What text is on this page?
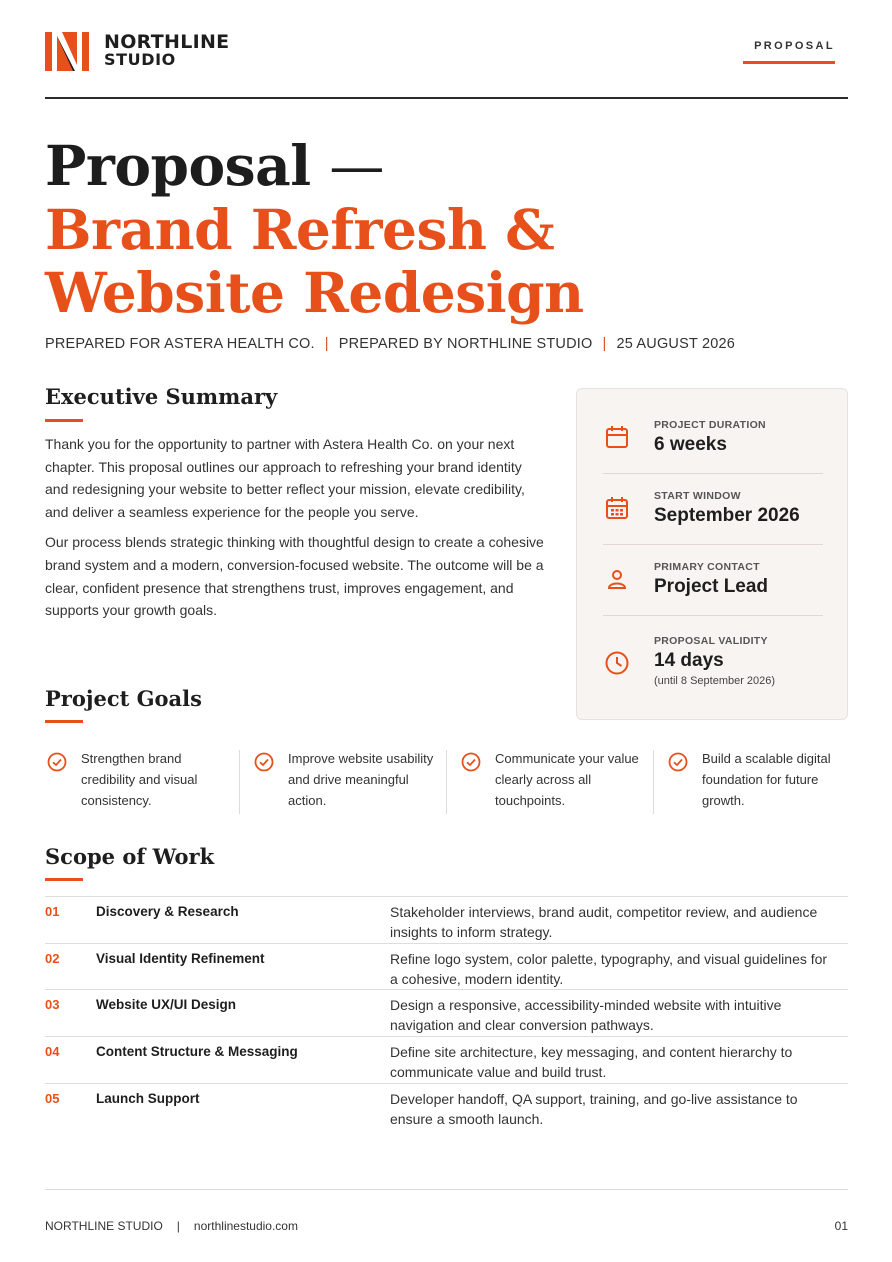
NORTHLINE
STUDIO
PROPOSAL
Proposal —
Brand Refresh &
Website Redesign
PREPARED FOR ASTERA HEALTH CO. | PREPARED BY NORTHLINE STUDIO | 25 AUGUST 2026
Executive Summary

Thank you for the opportunity to partner with Astera Health Co. on your next chapter. This proposal outlines our approach to refreshing your brand identity and redesigning your website to better reflect your mission, elevate credibility, and deliver a seamless experience for the people you serve.

Our process blends strategic thinking with thoughtful design to create a cohesive brand system and a modern, conversion-focused website. The outcome will be a clear, confident presence that strengthens trust, improves engagement, and supports your growth goals.

PROJECT DURATION
6 weeks
START WINDOW
September 2026
PRIMARY CONTACT
Project Lead
PROPOSAL VALIDITY
14 days
(until 8 September 2026)
Project Goals
Strengthen brand credibility and visual consistency.
Improve website usability and drive meaningful action.
Communicate your value clearly across all touchpoints.
Build a scalable digital foundation for future growth.
Scope of Work
01	Discovery & Research	Stakeholder interviews, brand audit, competitor review, and audience insights to inform strategy.
02	Visual Identity Refinement	Refine logo system, color palette, typography, and visual guidelines for a cohesive, modern identity.
03	Website UX/UI Design	Design a responsive, accessibility-minded website with intuitive navigation and clear conversion pathways.
04	Content Structure & Messaging	Define site architecture, key messaging, and content hierarchy to communicate value and build trust.
05	Launch Support	Developer handoff, QA support, training, and go-live assistance to ensure a smooth launch.
NORTHLINE STUDIO | northlinestudio.com	01
